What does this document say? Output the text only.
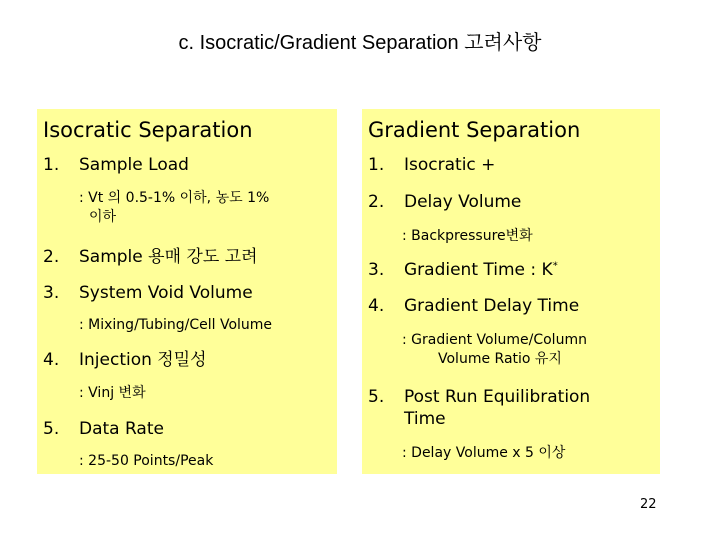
c. Isocratic/Gradient Separation 고려사항
Isocratic Separation
1. Sample Load
: Vt 의 0.5-1% 이하, 농도 1%
이하
2. Sample 용매 강도 고려
3. System Void Volume
: Mixing/Tubing/Cell Volume
4. Injection 정밀성
: Vinj 변화
5. Data Rate
: 25-50 Points/Peak
Gradient Separation
1. Isocratic +
2. Delay Volume
: Backpressure변화
3. Gradient Time : K*
4. Gradient Delay Time
: Gradient Volume/Column
Volume Ratio 유지
5. Post Run Equilibration
Time
: Delay Volume x 5 이상
22
